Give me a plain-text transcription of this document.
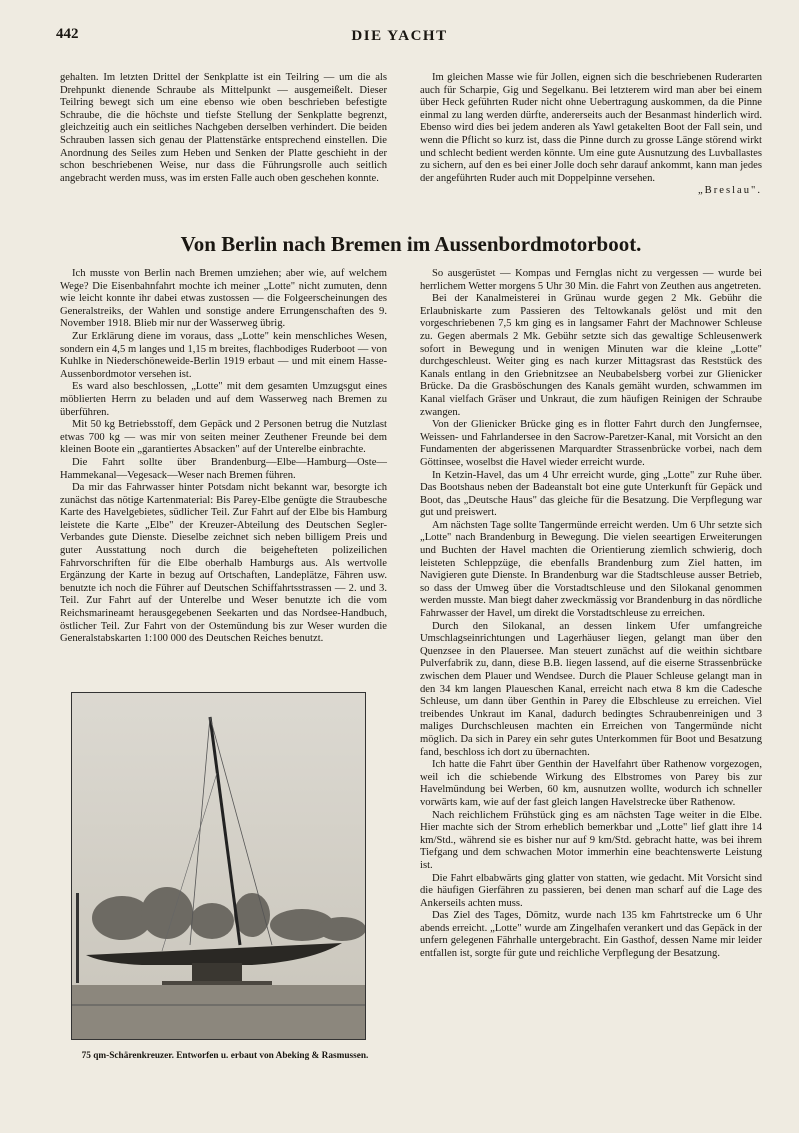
442	DIE YACHT

gehalten. Im letzten Drittel der Senkplatte ist ein Teilring — um die als Drehpunkt dienende Schraube als Mittelpunkt — ausgemeißelt. Dieser Teilring bewegt sich um eine ebenso wie oben beschrieben befestigte Schraube, die die höchste und tiefste Stellung der Senkplatte begrenzt, gleichzeitig auch ein seitliches Nachgeben derselben verhindert. Die beiden Schrauben lassen sich genau der Plattenstärke entsprechend einstellen. Die Anordnung des Seiles zum Heben und Senken der Platte geschieht in der schon beschriebenen Weise, nur dass die Führungsrolle auch seitlich angebracht werden muss, was im ersten Falle auch oben geschehen konnte.

Im gleichen Masse wie für Jollen, eignen sich die beschriebenen Ruderarten auch für Scharpie, Gig und Segelkanu. Bei letzterem wird man aber bei einem über Heck geführten Ruder nicht ohne Uebertragung auskommen, da die Pinne einmal zu lang werden dürfte, andererseits auch der Besanmast hinderlich wird. Ebenso wird dies bei jedem anderen als Yawl getakelten Boot der Fall sein, und wenn die Pflicht so kurz ist, dass die Pinne durch zu grosse Länge störend wirkt und schlecht bedient werden könnte. Um eine gute Ausnutzung des Luvballastes zu sichern, auf den es bei einer Jolle doch sehr darauf ankommt, kann man jedes der angeführten Ruder auch mit Doppelpinne versehen.

„Breslau".

Von Berlin nach Bremen im Aussenbordmotorboot.

Ich musste von Berlin nach Bremen umziehen; aber wie, auf welchem Wege? Die Eisenbahnfahrt mochte ich meiner „Lotte" nicht zumuten, denn wie leicht konnte ihr dabei etwas zustossen — die Folgeerscheinungen des Generalstreiks, der Wahlen und sonstige andere Errungenschaften des 9. November 1918. Blieb mir nur der Wasserweg übrig.

Zur Erklärung diene im voraus, dass „Lotte" kein menschliches Wesen, sondern ein 4,5 m langes und 1,15 m breites, flachbodiges Ruderboot — von Kuhlke in Niederschöneweide-Berlin 1919 erbaut — und mit einem Hasse-Aussenbordmotor versehen ist.

Es ward also beschlossen, „Lotte" mit dem gesamten Umzugsgut eines möblierten Herrn zu beladen und auf dem Wasserweg nach Bremen zu überführen.

Mit 50 kg Betriebsstoff, dem Gepäck und 2 Personen betrug die Nutzlast etwas 700 kg — was mir von seiten meiner Zeuthener Freunde bei dem kleinen Boote ein „garantiertes Absacken" auf der Unterelbe einbrachte.

Die Fahrt sollte über Brandenburg—Elbe—Hamburg—Oste—Hammekanal—Vegesack—Weser nach Bremen führen.

Da mir das Fahrwasser hinter Potsdam nicht bekannt war, besorgte ich zunächst das nötige Kartenmaterial: Bis Parey-Elbe genügte die Straubesche Karte des Havelgebietes, südlicher Teil. Zur Fahrt auf der Elbe bis Hamburg leistete die Karte „Elbe" der Kreuzer-Abteilung des Deutschen Segler-Verbandes gute Dienste. Dieselbe zeichnet sich neben billigem Preis und guter Ausstattung noch durch die beigehefteten polizeilichen Fahrvorschriften für die Elbe oberhalb Hamburgs aus. Als wertvolle Ergänzung der Karte in bezug auf Ortschaften, Landeplätze, Fähren usw. benutzte ich noch die Führer auf Deutschen Schiffahrtsstrassen — 2. und 3. Teil. Zur Fahrt auf der Unterelbe und Weser benutzte ich die vom Reichsmarineamt herausgegebenen Seekarten und das Nordsee-Handbuch, östlicher Teil. Zur Fahrt von der Ostemündung bis zur Weser wurden die Generalstabskarten 1:100 000 des Deutschen Reiches benutzt.

75 qm-Schärenkreuzer. Entworfen u. erbaut von Abeking & Rasmussen.

So ausgerüstet — Kompas und Fernglas nicht zu vergessen — wurde bei herrlichem Wetter morgens 5 Uhr 30 Min. die Fahrt von Zeuthen aus angetreten.

Bei der Kanalmeisterei in Grünau wurde gegen 2 Mk. Gebühr die Erlaubniskarte zum Passieren des Teltowkanals gelöst und mit den vorgeschriebenen 7,5 km ging es in langsamer Fahrt der Machnower Schleuse zu. Gegen abermals 2 Mk. Gebühr setzte sich das gewaltige Schleusenwerk sofort in Bewegung und in wenigen Minuten war die kleine „Lotte" durchgeschleust. Weiter ging es nach kurzer Mittagsrast das Reststück des Kanals entlang in den Griebnitzsee an Neubabelsberg vorbei zur Glienicker Brücke. Da die Grasböschungen des Kanals gemäht wurden, schwammen im Kanal vielfach Gräser und Unkraut, die zum häufigen Reinigen der Schraube zwangen.

Von der Glienicker Brücke ging es in flotter Fahrt durch den Jungfernsee, Weissen- und Fahrlandersee in den Sacrow-Paretzer-Kanal, mit Vorsicht an den Fundamenten der abgerissenen Marquardter Strassenbrücke vorbei, nach dem Göttinsee, woselbst die Havel wieder erreicht wurde.

In Ketzin-Havel, das um 4 Uhr erreicht wurde, ging „Lotte" zur Ruhe über. Das Bootshaus neben der Badeanstalt bot eine gute Unterkunft für Gepäck und Boot, das „Deutsche Haus" das gleiche für die Besatzung. Die Verpflegung war gut und preiswert.

Am nächsten Tage sollte Tangermünde erreicht werden. Um 6 Uhr setzte sich „Lotte" nach Brandenburg in Bewegung. Die vielen seeartigen Erweiterungen und Buchten der Havel machten die Orientierung ziemlich schwierig, doch leisteten Schleppzüge, die ebenfalls Brandenburg zum Ziel hatten, im Navigieren gute Dienste. In Brandenburg war die Stadtschleuse ausser Betrieb, so dass der Umweg über die Vorstadtschleuse und den Silokanal genommen werden musste. Man biegt daher zweckmässig vor Brandenburg in das nördliche Fahrwasser der Havel, um direkt die Vorstadtschleuse zu erreichen.

Durch den Silokanal, an dessen linkem Ufer umfangreiche Umschlagseinrichtungen und Lagerhäuser liegen, gelangt man über den Quenzsee in den Plauersee. Man steuert zunächst auf die weithin sichtbare Pulverfabrik zu, dann, diese B.B. liegen lassend, auf die eiserne Strassenbrücke zwischen dem Plauer und Wendsee. Durch die Plauer Schleuse gelangt man in den 34 km langen Plaueschen Kanal, erreicht nach etwa 8 km die Cadesche Schleuse, um dann über Genthin in Parey die Elbschleuse zu erreichen. Viel treibendes Unkraut im Kanal, dadurch bedingtes Schraubenreinigen und 3 maliges Durchschleusen machten ein Erreichen von Tangermünde nicht möglich. Da sich in Parey ein sehr gutes Unterkommen für Boot und Besatzung fand, beschloss ich dort zu übernachten.

Ich hatte die Fahrt über Genthin der Havelfahrt über Rathenow vorgezogen, weil ich die schiebende Wirkung des Elbstromes von Parey bis zur Havelmündung bei Werben, 60 km, ausnutzen wollte, wodurch ich schneller vorwärts kam, wie auf der fast gleich langen Havelstrecke über Rathenow.

Nach reichlichem Frühstück ging es am nächsten Tage weiter in die Elbe. Hier machte sich der Strom erheblich bemerkbar und „Lotte" lief glatt ihre 14 km/Std., während sie es bisher nur auf 9 km/Std. gebracht hatte, was bei ihrem Tiefgang und dem schwachen Motor immerhin eine beachtenswerte Leistung ist.

Die Fahrt elbabwärts ging glatter von statten, wie gedacht. Mit Vorsicht sind die häufigen Gierfähren zu passieren, bei denen man scharf auf die Lage des Ankerseils achten muss.

Das Ziel des Tages, Dömitz, wurde nach 135 km Fahrtstrecke um 6 Uhr abends erreicht. „Lotte" wurde am Zingelhafen verankert und das Gepäck in der unfern gelegenen Fährhalle untergebracht. Ein Gasthof, dessen Name mir leider entfallen ist, sorgte für gute und reichliche Verpflegung der Besatzung.
